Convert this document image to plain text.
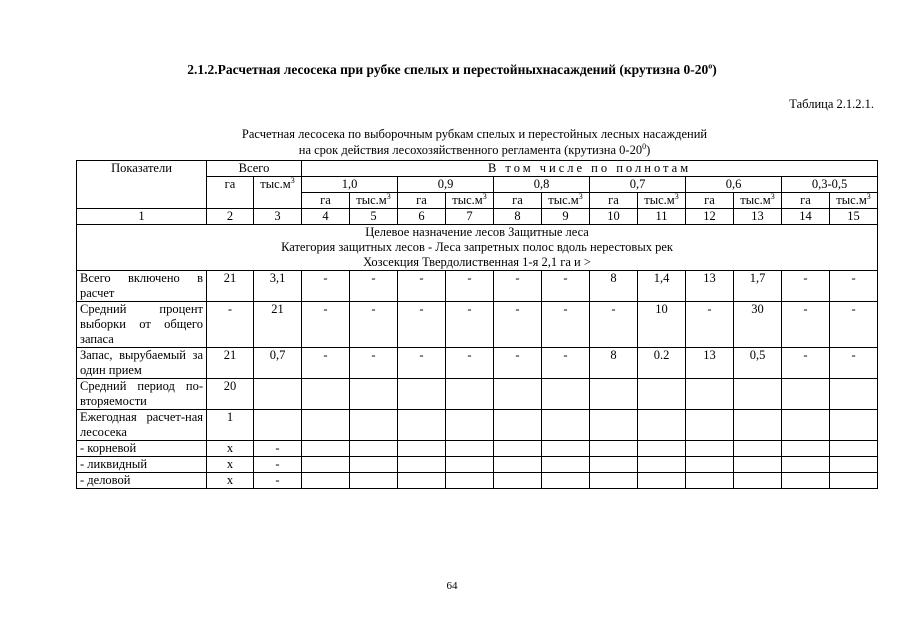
2.1.2.Расчетная лесосека при рубке спелых и перестойныхнасаждений (крутизна $0-20^о$)
Таблица 2.1.2.1.
Расчетная лесосека по выборочным рубкам спелых и перестойных лесных насаждений
на срок действия лесохозяйственного регламента (крутизна $0-20^0$)
Показатели	Всего		В том числе по полнотам											
	га	$тыс.м^3$	1,0		0,9		0,8		0,7		0,6		0,3-0,5	
			га	$тыс.м^3$	га	$тыс.м^3$	га	$тыс.м^3$	га	$тыс.м^3$	га	$тыс.м^3$	га	$тыс.м^3$
1	2	3	4	5	6	7	8	9	10	11	12	13	14	15

Целевое назначение лесов Защитные леса
Категория защитных лесов - Леса запретных полос вдоль нерестовых рек
Хозсекция Твердолиственная 1-я 2,1 га и >														

Всего включено в расчет	21	3,1	-	-	-	-	-	-	8	1,4	13	1,7	-	-
Средний процент выборки от общего запаса	-	21	-	-	-	-	-	-	-	10	-	30	-	-
Запас, вырубаемый за один прием	21	0,7	-	-	-	-	-	-	8	0.2	13	0,5	-	-
Средний период по-вторяемости	20													
Ежегодная расчет-ная лесосека	1													
- корневой	х	-												
- ликвидный	х	-												
- деловой	х	-												
64
